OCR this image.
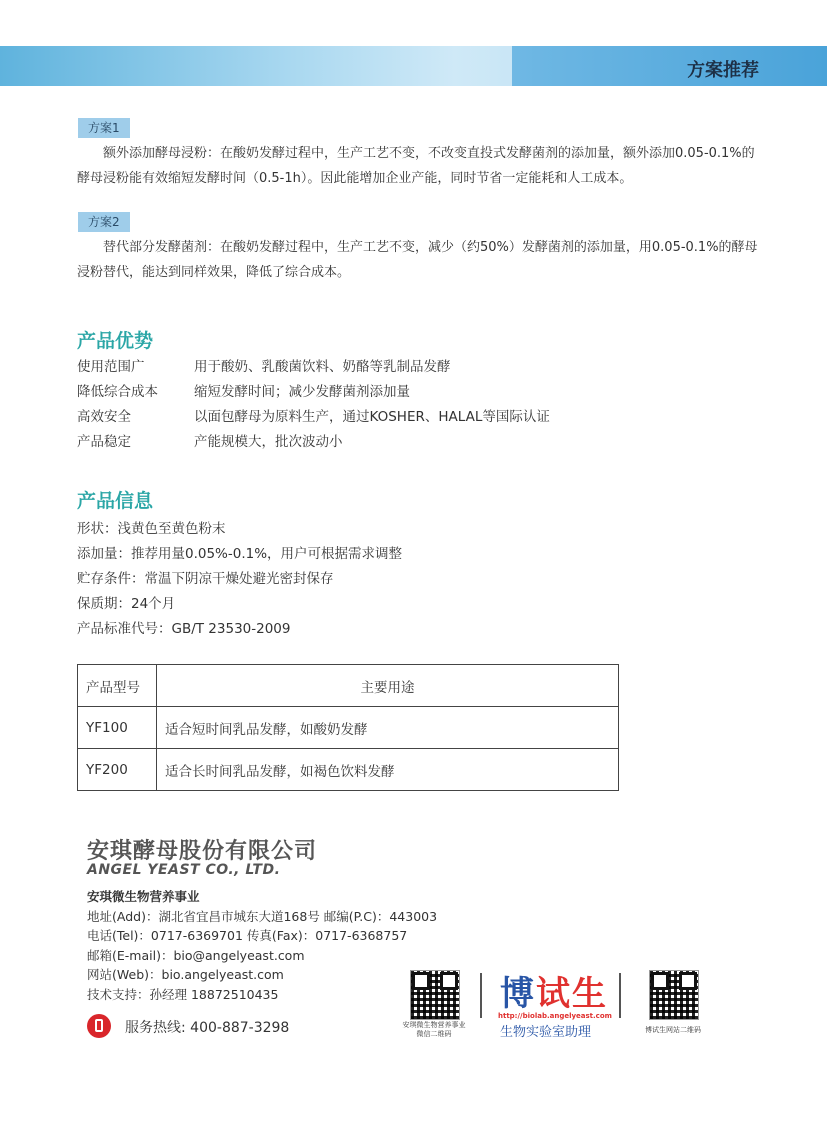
方案推荐
方案1
额外添加酵母浸粉：在酸奶发酵过程中，生产工艺不变，不改变直投式发酵菌剂的添加量，额外添加0.05-0.1%的酵母浸粉能有效缩短发酵时间（0.5-1h）。因此能增加企业产能，同时节省一定能耗和人工成本。
方案2
替代部分发酵菌剂：在酸奶发酵过程中，生产工艺不变，减少（约50%）发酵菌剂的添加量，用0.05-0.1%的酵母浸粉替代，能达到同样效果，降低了综合成本。
产品优势
使用范围广	用于酸奶、乳酸菌饮料、奶酪等乳制品发酵
降低综合成本	缩短发酵时间；减少发酵菌剂添加量
高效安全	以面包酵母为原料生产，通过KOSHER、HALAL等国际认证
产品稳定	产能规模大，批次波动小
产品信息
形状：浅黄色至黄色粉末
添加量：推荐用量0.05%-0.1%，用户可根据需求调整
贮存条件：常温下阴凉干燥处避光密封保存
保质期：24个月
产品标准代号：GB/T 23530-2009
产品型号	主要用途
YF100	适合短时间乳品发酵，如酸奶发酵
YF200	适合长时间乳品发酵，如褐色饮料发酵
安琪酵母股份有限公司
ANGEL YEAST CO., LTD.
安琪微生物营养事业
地址(Add)：湖北省宜昌市城东大道168号 邮编(P.C)：443003
电话(Tel)：0717-6369701 传真(Fax)：0717-6368757
邮箱(E-mail)：bio@angelyeast.com
网站(Web)：bio.angelyeast.com
技术支持：孙经理 18872510435
服务热线: 400-887-3298	安琪微生物营养事业
微信二维码
博试生
http://biolab.angelyeast.com
生物实验室助理	博试生网站二维码
